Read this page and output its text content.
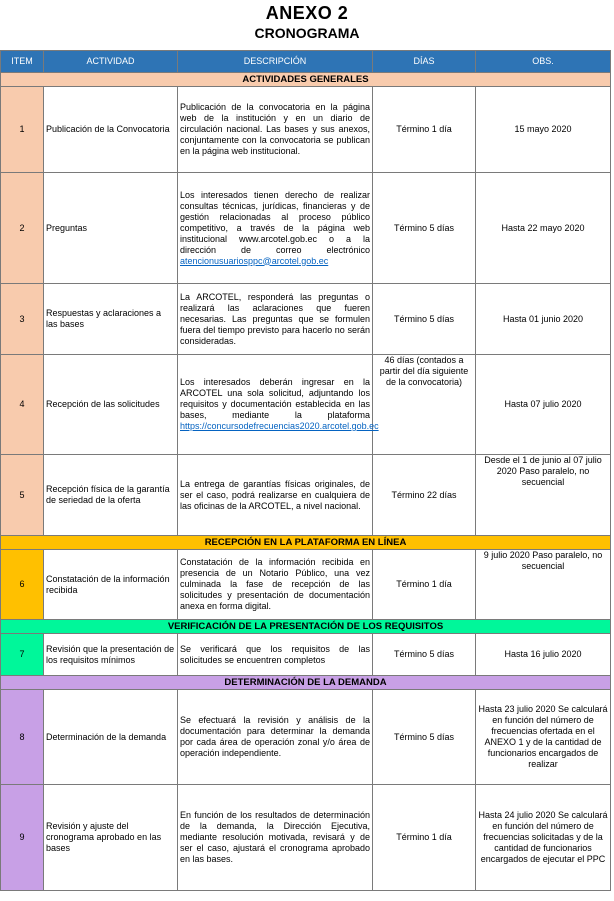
ANEXO 2
CRONOGRAMA
ITEM	ACTIVIDAD	DESCRIPCIÓN	DÍAS	OBS.
ACTIVIDADES GENERALES				
1	Publicación de la Convocatoria	Publicación de la convocatoria en la página web de la institución y en un diario de circulación nacional. Las bases y sus anexos, conjuntamente con la convocatoria se publican en la página web institucional.	Término 1 día	15 mayo 2020
2	Preguntas	Los interesados tienen derecho de realizar consultas técnicas, jurídicas, financieras y de gestión relacionadas al proceso público competitivo, a través de la página web institucional www.arcotel.gob.ec o a la dirección de correo electrónico atencionusuariosppc@arcotel.gob.ec	Término 5 días	Hasta 22 mayo 2020
3	Respuestas y aclaraciones a las bases	La ARCOTEL, responderá las preguntas o realizará las aclaraciones que fueren necesarias. Las preguntas que se formulen fuera del tiempo previsto para hacerlo no serán consideradas.	Término 5 días	Hasta 01 junio 2020
4	Recepción de las solicitudes	Los interesados deberán ingresar en la ARCOTEL una sola solicitud, adjuntando los requisitos y documentación establecida en las bases, mediante la plataforma https://concursodefrecuencias2020.arcotel.gob.ec	46 días (contados a partir del día siguiente de la convocatoria)	Hasta 07 julio 2020
5	Recepción física de la garantía de seriedad de la oferta	La entrega de garantías físicas originales, de ser el caso, podrá realizarse en cualquiera de las oficinas de la ARCOTEL, a nivel nacional.	Término 22 días	Desde el 1 de junio al 07 julio 2020 Paso paralelo, no secuencial
RECEPCIÓN EN LA PLATAFORMA EN LÍNEA				
6	Constatación de la información recibida	Constatación de la información recibida en presencia de un Notario Público, una vez culminada la fase de recepción de las solicitudes y presentación de documentación anexa en forma digital.	Término 1 día	9 julio 2020 Paso paralelo, no secuencial
VERIFICACIÓN DE LA PRESENTACIÓN DE LOS REQUISITOS				
7	Revisión que la presentación de los requisitos mínimos	Se verificará que los requisitos de las solicitudes se encuentren completos	Término 5 días	Hasta 16 julio 2020
DETERMINACIÓN DE LA DEMANDA				
8	Determinación de la demanda	Se efectuará la revisión y análisis de la documentación para determinar la demanda por cada área de operación zonal y/o área de operación independiente.	Término 5 días	Hasta 23 julio 2020 Se calculará en función del número de frecuencias ofertada en el ANEXO 1 y de la cantidad de funcionarios encargados de realizar
9	Revisión y ajuste del cronograma aprobado en las bases	En función de los resultados de determinación de la demanda, la Dirección Ejecutiva, mediante resolución motivada, revisará y de ser el caso, ajustará el cronograma aprobado en las bases.	Término 1 día	Hasta 24 julio 2020 Se calculará en función del número de frecuencias solicitadas y de la cantidad de funcionarios encargados de ejecutar el PPC
